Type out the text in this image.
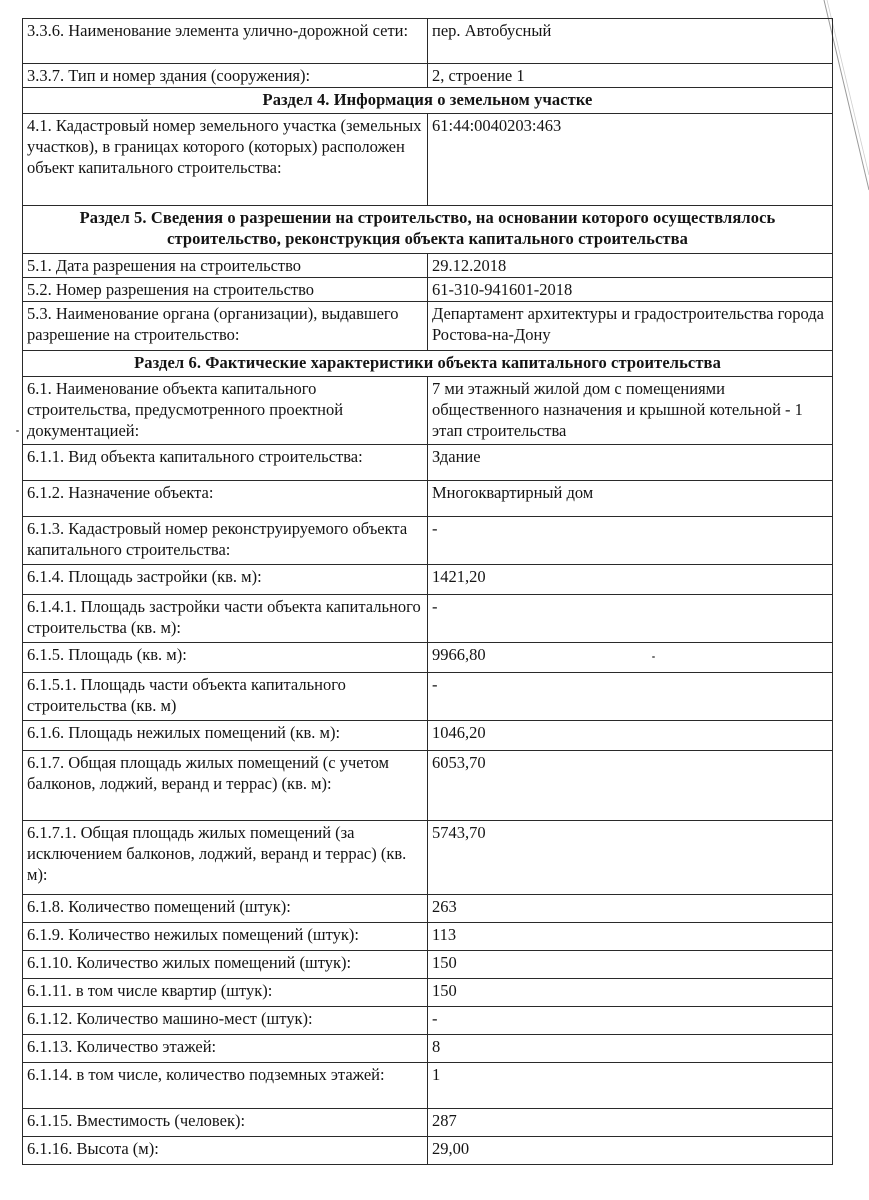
3.3.6. Наименование элемента улично-дорожной сети:	пер. Автобусный
3.3.7. Тип и номер здания (сооружения):	2, строение 1
Раздел 4. Информация о земельном участке	
4.1. Кадастровый номер земельного участка (земельных участков), в границах которого (которых) расположен объект капитального строительства:	61:44:0040203:463
Раздел 5. Сведения о разрешении на строительство, на основании которого осуществлялось строительство, реконструкция объекта капитального строительства	
5.1. Дата разрешения на строительство	29.12.2018
5.2. Номер разрешения на строительство	61-310-941601-2018
5.3. Наименование органа (организации), выдавшего разрешение на строительство:	Департамент архитектуры и градостроительства города Ростова-на-Дону
Раздел 6. Фактические характеристики объекта капитального строительства	
6.1. Наименование объекта капитального строительства, предусмотренного проектной документацией:	7 ми этажный жилой дом с помещениями общественного назначения и крышной котельной - 1 этап строительства
6.1.1. Вид объекта капитального строительства:	Здание
6.1.2. Назначение объекта:	Многоквартирный дом
6.1.3. Кадастровый номер реконструируемого объекта капитального строительства:	-
6.1.4. Площадь застройки (кв. м):	1421,20
6.1.4.1. Площадь застройки части объекта капитального строительства (кв. м):	-
6.1.5. Площадь (кв. м):	9966,80
6.1.5.1. Площадь части объекта капитального строительства (кв. м)	-
6.1.6. Площадь нежилых помещений (кв. м):	1046,20
6.1.7. Общая площадь жилых помещений (с учетом балконов, лоджий, веранд и террас) (кв. м):	6053,70
6.1.7.1. Общая площадь жилых помещений (за исключением балконов, лоджий, веранд и террас) (кв. м):	5743,70
6.1.8. Количество помещений (штук):	263
6.1.9. Количество нежилых помещений (штук):	113
6.1.10. Количество жилых помещений (штук):	150
6.1.11. в том числе квартир (штук):	150
6.1.12. Количество машино-мест (штук):	-
6.1.13. Количество этажей:	8
6.1.14. в том числе, количество подземных этажей:	1
6.1.15. Вместимость (человек):	287
6.1.16. Высота (м):	29,00
